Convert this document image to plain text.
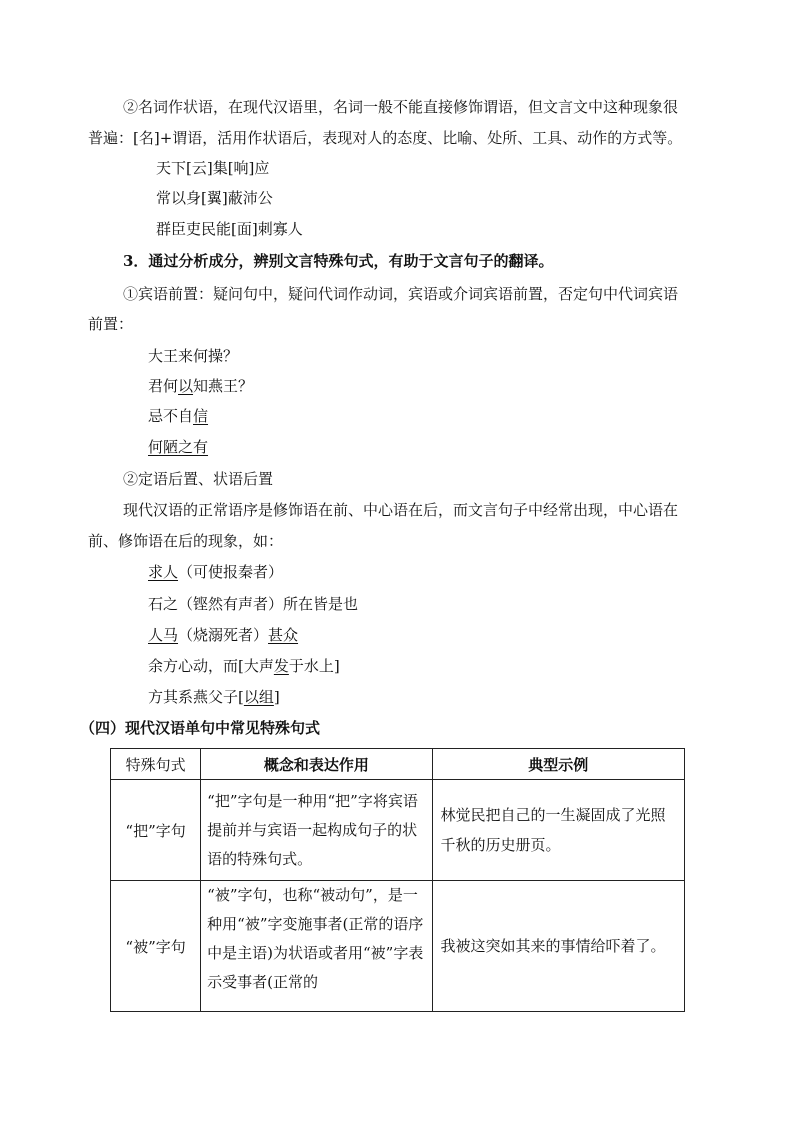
②名词作状语，在现代汉语里，名词一般不能直接修饰谓语，但文言文中这种现象很
普遍：[名]+谓语，活用作状语后，表现对人的态度、比喻、处所、工具、动作的方式等。
天下[云]集[响]应
常以身[翼]蔽沛公
群臣吏民能[面]刺寡人
3．通过分析成分，辨别文言特殊句式，有助于文言句子的翻译。
①宾语前置：疑问句中，疑问代词作动词，宾语或介词宾语前置，否定句中代词宾语
前置：
大王来何操？
君何以知燕王？
忌不自信
何陋之有
②定语后置、状语后置
现代汉语的正常语序是修饰语在前、中心语在后，而文言句子中经常出现，中心语在
前、修饰语在后的现象，如：
求人（可使报秦者）
石之（铿然有声者）所在皆是也
人马（烧溺死者）甚众
余方心动，而[大声发于水上]
方其系燕父子[以组]
（四）现代汉语单句中常见特殊句式
特殊句式	概念和表达作用	典型示例
“把”字句	“把”字句是一种用“把”字将宾语提前并与宾语一起构成句子的状语的特殊句式。	林觉民把自己的一生凝固成了光照千秋的历史册页。
“被”字句	“被”字句，也称“被动句”，是一种用“被”字变施事者(正常的语序中是主语)为状语或者用“被”字表示受事者(正常的	我被这突如其来的事情给吓着了。
